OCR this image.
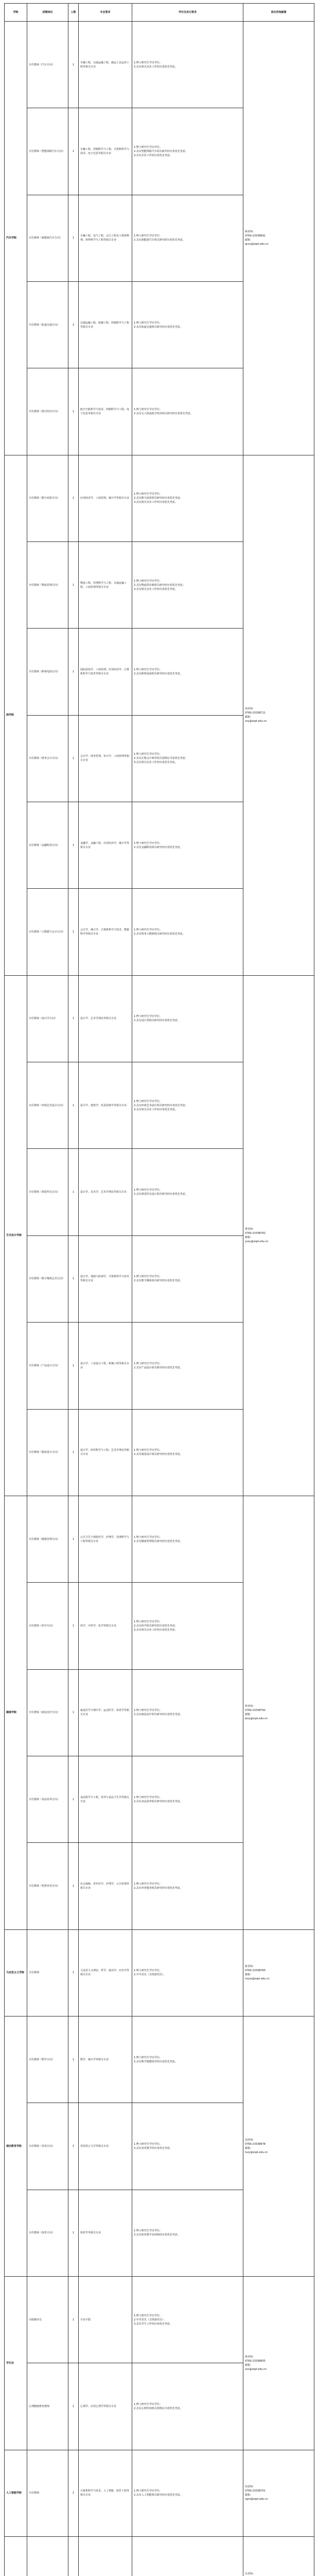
学院	招聘岗位	人数	专业要求	学历及其它要求	岗位咨询邮箱
汽车学院	专任教师（汽车方向）	1	车辆工程、交通运输工程、载运工具运用工程等相关专业	1.博士研究生学历学位；
2.具有相关企业工作经历者优先考虑。	顾老师：
0760-23338691
邮箱：
qcxy@zspt.edu.cn
	专任教师（智能网联汽车方向）	1	车辆工程、控制科学与工程、计算机科学与技术、电子信息等相关专业	1.博士研究生学历学位；
2.具有智能网联汽车相关研究经历者优先考虑；
3.具有企业工作经历者优先考虑。	
	专任教师（新能源汽车方向）	1	车辆工程、电气工程、动力工程及工程热物理、材料科学与工程等相关专业	1.博士研究生学历学位；
2.具有新能源汽车相关研究经历者优先考虑。	
	专任教师（轨道交通方向）	1	交通运输工程、机械工程、控制科学与工程等相关专业	1.博士研究生学历学位；
2.具有轨道交通相关研究经历者优先考虑。	
	专任教师（低空经济方向）	1	航空宇航科学与技术、控制科学与工程、电子信息等相关专业	1.博士研究生学历学位；
2.具有无人机或低空经济相关研究经历者优先考虑。	
商学院	专任教师（数字商贸方向）	1	应用经济学、工商管理、统计学等相关专业	1.博士研究生学历学位；
2.具有数字商贸相关研究经历者优先考虑；
3.具有相关企业工作经历者优先考虑。	郭老师：
0760-23338711
邮箱：
sxy@zspt.edu.cn
	专任教师（物流管理方向）	1	物流工程、管理科学与工程、交通运输工程、工商管理等相关专业	1.博士研究生学历学位；
2.具有物流供应链相关研究经历者优先考虑；
3.具有相关企业工作经历者优先考虑。	
	专任教师（跨境电商方向）	1	国际贸易学、工商管理、应用经济学、计算机科学与技术等相关专业	1.博士研究生学历学位；
2.具有跨境电商相关研究经历者优先考虑。	
	专任教师（财务会计方向）	1	会计学、财务管理、审计学、工商管理等相关专业	1.博士研究生学历学位；
2.具有注册会计师等相关资格证书者优先考虑；
3.具有相关企业工作经历者优先考虑。	
	专任教师（金融科技方向）	1	金融学、金融工程、应用经济学、统计学等相关专业	1.博士研究生学历学位；
2.具有金融科技相关研究经历者优先考虑。	
	专任教师（大数据与会计方向）	1	会计学、统计学、计算机科学与技术、数据科学等相关专业	1.博士研究生学历学位；
2.具有财务大数据相关研究经历者优先考虑。	
艺术设计学院	专任教师（设计学方向）	1	设计学、艺术学理论等相关专业	1.博士研究生学历学位；
2.具有设计类相关研究经历者优先考虑。	黎老师：
0760-23338762
邮箱：
ysxy@zspt.edu.cn
	专任教师（环境艺术设计方向）	1	设计学、建筑学、风景园林学等相关专业	1.博士研究生学历学位；
2.具有环境艺术设计相关研究经历者优先考虑；
3.具有相关企业工作经历者优先考虑。	
	专任教师（视觉传达方向）	1	设计学、美术学、艺术学理论等相关专业	1.博士研究生学历学位；
2.具有视觉传达设计相关研究经历者优先考虑。	
	专任教师（数字媒体艺术方向）	1	设计学、戏剧与影视学、计算机科学与技术等相关专业	1.博士研究生学历学位；
2.具有数字媒体相关研究经历者优先考虑。	
	专任教师（产品设计方向）	1	设计学、工业设计工程、机械工程等相关专业	1.博士研究生学历学位；
2.具有产品设计相关研究经历者优先考虑。	
	专任教师（服装设计方向）	1	设计学、纺织科学与工程、艺术学理论等相关专业	1.博士研究生学历学位；
2.具有服装设计相关研究经历者优先考虑。	
健康学院	专任教师（健康管理方向）	1	公共卫生与预防医学、护理学、管理科学与工程等相关专业	1.博士研究生学历学位；
2.具有健康管理相关研究经历者优先考虑。	钟老师：
0760-23338792
邮箱：
jkxy@zspt.edu.cn
	专任教师（药学方向）	1	药学、中药学、化学等相关专业	1.博士研究生学历学位；
2.具有药学相关研究经历者优先考虑；
3.具有相关企业工作经历者优先考虑。	
	专任教师（康复治疗方向）	1	康复医学与理疗学、运动医学、体育学等相关专业	1.博士研究生学历学位；
2.具有康复治疗相关研究经历者优先考虑。	
	专任教师（食品营养方向）	1	食品科学与工程、营养与食品卫生学等相关专业	1.博士研究生学历学位；
2.具有食品营养相关研究经历者优先考虑。	
	专任教师（智慧养老方向）	1	社会保障、老年医学、护理学、公共管理等相关专业	1.博士研究生学历学位；
2.具有养老服务相关研究经历者优先考虑。	
马克思主义学院	专任教师	1	马克思主义理论、哲学、政治学、历史学等相关专业	1.博士研究生学历学位；
2.中共党员（含预备党员）。	陈老师：
0760-23338765
邮箱：
myxy@zspt.edu.cn
通识教育学院	专任教师（数学方向）	1	数学、统计学等相关专业	1.博士研究生学历学位；
2.具有数学建模指导经历者优先考虑。	刘老师：
0760-23338678
邮箱：
tsxy@zspt.edu.cn
	专任教师（英语方向）	1	外国语言文学等相关专业	1.博士研究生学历学位；
2.具有英语教学经历者优先考虑。	
	专任教师（体育方向）	1	体育学等相关专业	1.博士研究生学历学位；
2.具有体育教学及训练经历者优先考虑。	
学生处	专职辅导员	1	专业不限	1.博士研究生学历学位；
2.中共党员（含预备党员）；
3.具有学生工作经历者优先考虑。	梁老师：
0760-23338655
邮箱：
xsc@zspt.edu.cn
	心理健康教育教师	1	心理学、应用心理学等相关专业	1.博士研究生学历学位；
2.具有心理咨询相关资格证书者优先考虑。	
人工智能学院	专任教师	1	计算机科学与技术、人工智能、软件工程等相关专业	1.博士研究生学历学位；
2.具有人工智能相关研究经历者优先考虑。	何老师：
0760-23338701
邮箱：
rgzn@zspt.edu.cn
					冯老师：
